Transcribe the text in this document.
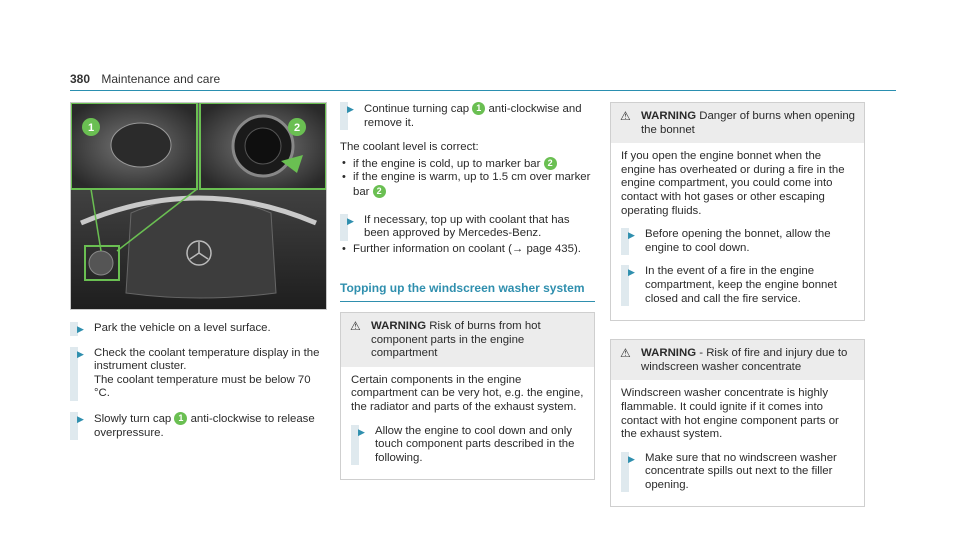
380 Maintenance and care
1	2
▶ Park the vehicle on a level surface.
▶ Check the coolant temperature display in the instrument cluster.
The coolant temperature must be below 70 °C.
▶ Slowly turn cap 1 anti-clockwise to release overpressure.
▶ Continue turning cap 1 anti-clockwise and remove it.
The coolant level is correct:
• if the engine is cold, up to marker bar 2
• if the engine is warm, up to 1.5 cm over marker bar 2
▶ If necessary, top up with coolant that has been approved by Mercedes-Benz.
• Further information on coolant (→ page 435).
Topping up the windscreen washer system
⚠ WARNING Risk of burns from hot component parts in the engine compartment
Certain components in the engine compartment can be very hot, e.g. the engine, the radiator and parts of the exhaust system.
▶ Allow the engine to cool down and only touch component parts described in the following.
⚠ WARNING Danger of burns when opening the bonnet
If you open the engine bonnet when the engine has overheated or during a fire in the engine compartment, you could come into contact with hot gases or other escaping operating fluids.
▶ Before opening the bonnet, allow the engine to cool down.
▶ In the event of a fire in the engine compartment, keep the engine bonnet closed and call the fire service.
⚠ WARNING - Risk of fire and injury due to windscreen washer concentrate
Windscreen washer concentrate is highly flammable. It could ignite if it comes into contact with hot engine component parts or the exhaust system.
▶ Make sure that no windscreen washer concentrate spills out next to the filler opening.
